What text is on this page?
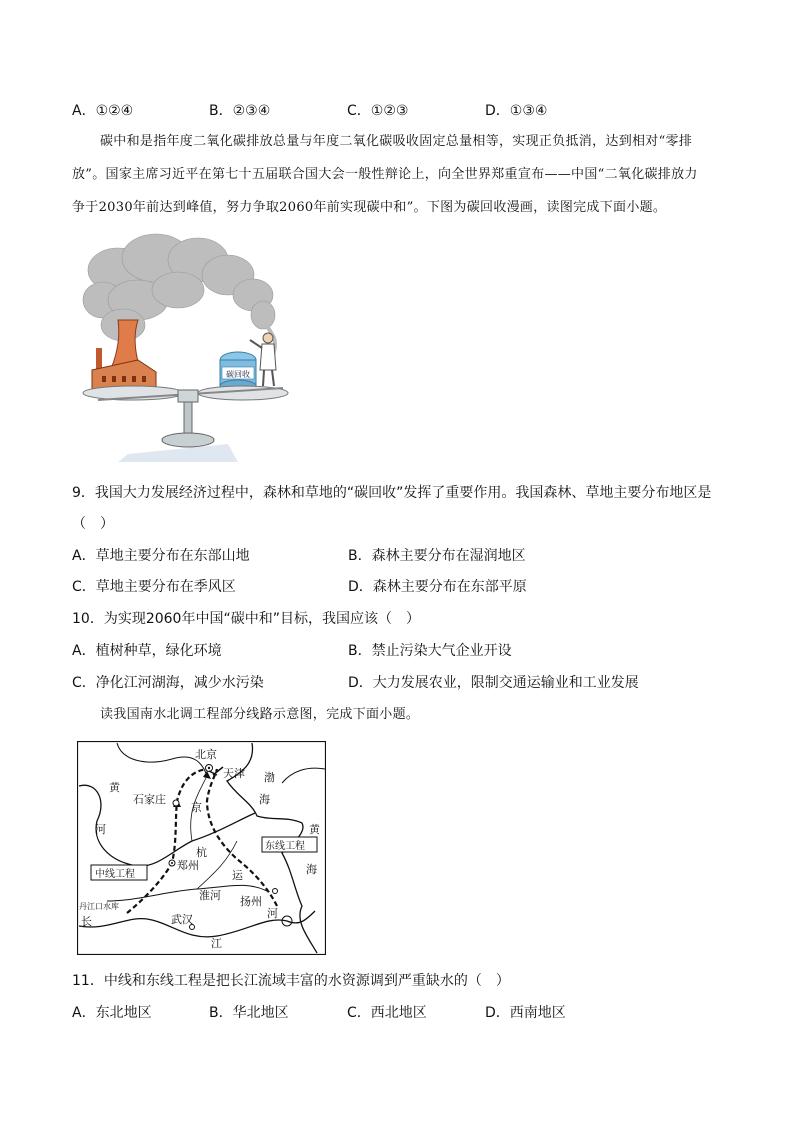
A．①②④	B．②③④	C．①②③	D．①③④
碳中和是指年度二氧化碳排放总量与年度二氧化碳吸收固定总量相等，实现正负抵消，达到相对“零排
放”。国家主席习近平在第七十五届联合国大会一般性辩论上，向全世界郑重宣布——中国“二氧化碳排放力
争于2030年前达到峰值，努力争取2060年前实现碳中和”。下图为碳回收漫画，读图完成下面小题。
碳回收
9．我国大力发展经济过程中，森林和草地的“碳回收”发挥了重要作用。我国森林、草地主要分布地区是
（　）
A．草地主要分布在东部山地	B．森林主要分布在湿润地区
C．草地主要分布在季风区	D．森林主要分布在东部平原
10．为实现2060年中国“碳中和”目标，我国应该（　）
A．植树种草，绿化环境	B．禁止污染大气企业开设
C．净化江河湖海，减少水污染	D．大力发展农业，限制交通运输业和工业发展
读我国南水北调工程部分线路示意图，完成下面小题。
北京
天津 渤
海
黄
河
石家庄
京
黄
海
杭
运
河
东线工程
中线工程
郑州
淮河 扬州
丹江口水库
长	武汉
江
11．中线和东线工程是把长江流域丰富的水资源调到严重缺水的（　）
A．东北地区	B．华北地区	C．西北地区	D．西南地区
